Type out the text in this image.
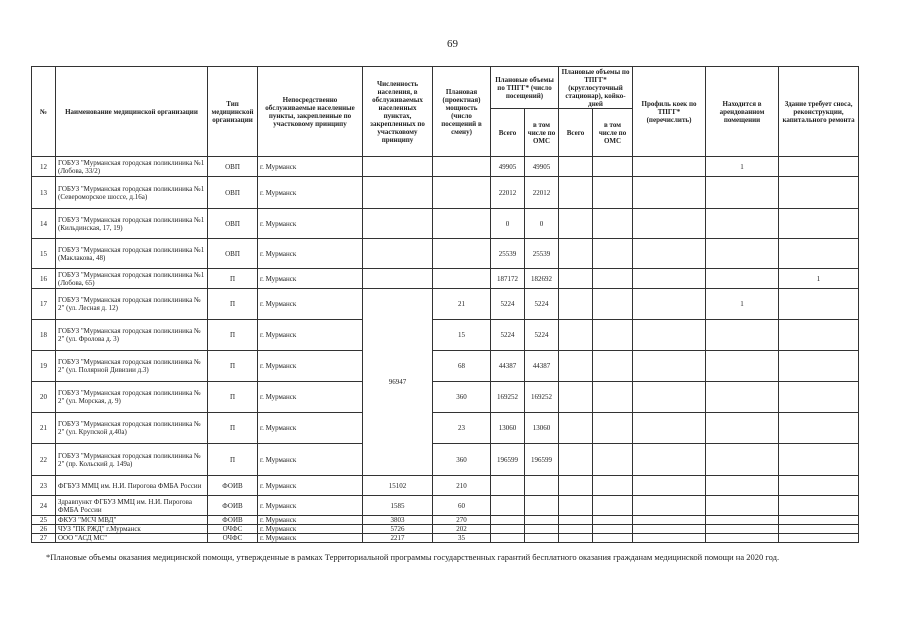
69
№	Наименование медицинской организации	Тип медицинской организации	Непосредственно обслуживаемые населенные пункты, закрепленные по участковому принципу	Численность населения, в обслуживаемых населенных пунктах, закрепленных по участковому принципу	Плановая (проектная) мощность (число посещений в смену)	Плановые объемы по ТПГГ* (число посещений)		Плановые объемы по ТПГГ* (круглосуточный стационар), койко-дней		Профиль коек по ТПГГ* (перечислить)	Находится в арендованном помещении	Здание требует сноса, реконструкции, капитального ремонта
						Всего	в том числе по ОМС	Всего	в том числе по ОМС			
12	ГОБУЗ "Мурманская городская поликлиника №1 (Лобова, 33/2)	ОВП	г. Мурманск			49905	49905				1	
13	ГОБУЗ "Мурманская городская поликлиника №1 (Североморское шоссе, д.16а)	ОВП	г. Мурманск			22012	22012					
14	ГОБУЗ "Мурманская городская поликлиника №1 (Кильдинская, 17, 19)	ОВП	г. Мурманск			0	0					
15	ГОБУЗ "Мурманская городская поликлиника №1 (Маклакова, 48)	ОВП	г. Мурманск			25539	25539					
16	ГОБУЗ "Мурманская городская поликлиника №1 (Лобова, 65)	П	г. Мурманск			187172	182692					1
17	ГОБУЗ "Мурманская городская поликлиника № 2" (ул. Лесная д. 12)	П	г. Мурманск	96947	21	5224	5224				1	
18	ГОБУЗ "Мурманская городская поликлиника № 2" (ул. Фролова д. 3)	П	г. Мурманск		15	5224	5224					
19	ГОБУЗ "Мурманская городская поликлиника № 2" (ул. Полярной Дивизии д.3)	П	г. Мурманск		68	44387	44387					
20	ГОБУЗ "Мурманская городская поликлиника № 2" (ул. Морская, д. 9)	П	г. Мурманск		360	169252	169252					
21	ГОБУЗ "Мурманская городская поликлиника № 2" (ул. Крупской д.40а)	П	г. Мурманск		23	13060	13060					
22	ГОБУЗ "Мурманская городская поликлиника № 2" (пр. Кольский д. 149а)	П	г. Мурманск		360	196599	196599					
23	ФГБУЗ ММЦ им. Н.И. Пирогова ФМБА России	ФОИВ	г. Мурманск	15102	210							
24	Здравпункт ФГБУЗ ММЦ им. Н.И. Пирогова ФМБА России	ФОИВ	г. Мурманск	1585	60							
25	ФКУЗ "МСЧ МВД"	ФОИВ	г. Мурманск	3803	270							
26	ЧУЗ "ПК РЖД" г.Мурманск	ОЧФС	г. Мурманск	5726	202							
27	ООО "АСД МС"	ОЧФС	г. Мурманск	2217	35							
*Плановые объемы оказания медицинской помощи, утвержденные в рамках Территориальной программы государственных гарантий бесплатного оказания гражданам медицинской помощи на 2020 год.
